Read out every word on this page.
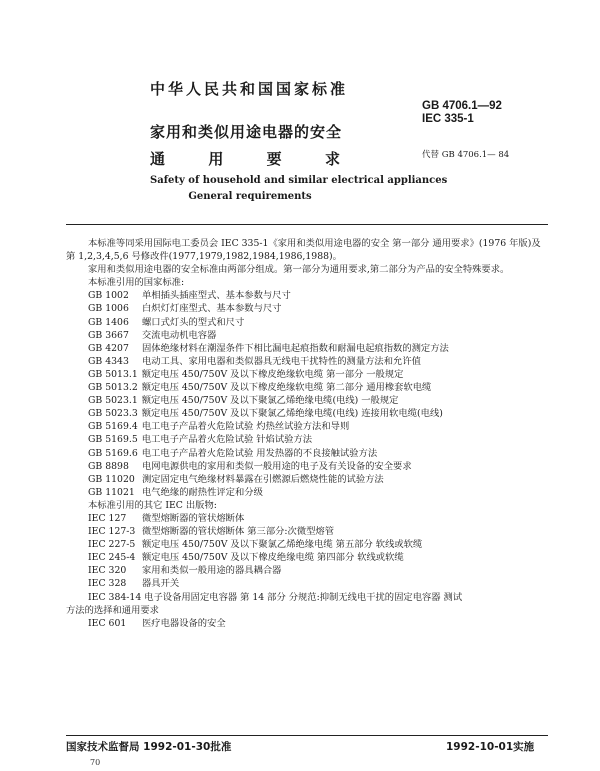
中华人民共和国国家标准
GB 4706.1—92
IEC 335-1
代替 GB 4706.1— 84
家用和类似用途电器的安全
通	用	要	求
Safety of household and similar electrical appliances
General requirements

本标准等同采用国际电工委员会 IEC 335-1《家用和类似用途电器的安全 第一部分 通用要求》(1976 年版)及第 1,2,3,4,5,6 号修改件(1977,1979,1982,1984,1986,1988)。

家用和类似用途电器的安全标准由两部分组成。第一部分为通用要求,第二部分为产品的安全特殊要求。

本标准引用的国家标准:

GB 1002 单相插头插座型式、基本参数与尺寸
GB 1006 白炽灯灯座型式、基本参数与尺寸
GB 1406 螺口式灯头的型式和尺寸
GB 3667 交流电动机电容器
GB 4207 固体绝缘材料在潮湿条件下相比漏电起痕指数和耐漏电起痕指数的测定方法
GB 4343 电动工具、家用电器和类似器具无线电干扰特性的测量方法和允许值
GB 5013.1 额定电压 450/750V 及以下橡皮绝缘软电缆 第一部分 一般规定
GB 5013.2 额定电压 450/750V 及以下橡皮绝缘软电缆 第二部分 通用橡套软电缆
GB 5023.1 额定电压 450/750V 及以下聚氯乙烯绝缘电缆(电线) 一般规定
GB 5023.3 额定电压 450/750V 及以下聚氯乙烯绝缘电缆(电线) 连接用软电缆(电线)
GB 5169.4 电工电子产品着火危险试验 灼热丝试验方法和导则
GB 5169.5 电工电子产品着火危险试验 针焰试验方法
GB 5169.6 电工电子产品着火危险试验 用发热器的不良接触试验方法
GB 8898 电网电源供电的家用和类似一般用途的电子及有关设备的安全要求
GB 11020 测定固定电气绝缘材料暴露在引燃源后燃烧性能的试验方法
GB 11021 电气绝缘的耐热性评定和分级

本标准引用的其它 IEC 出版物:

IEC 127 微型熔断器的管状熔断体
IEC 127-3 微型熔断器的管状熔断体 第三部分:次微型熔管
IEC 227-5 额定电压 450/750V 及以下聚氯乙烯绝缘电缆 第五部分 软线或软缆
IEC 245-4 额定电压 450/750V 及以下橡皮绝缘电缆 第四部分 软线或软缆
IEC 320 家用和类似一般用途的器具耦合器
IEC 328 器具开关
IEC 384-14 电子设备用固定电容器 第 14 部分 分规范:抑制无线电干扰的固定电容器 测试

方法的选择和通用要求

IEC 601 医疗电器设备的安全
国家技术监督局 1992-01-30批准	1992-10-01实施
70
